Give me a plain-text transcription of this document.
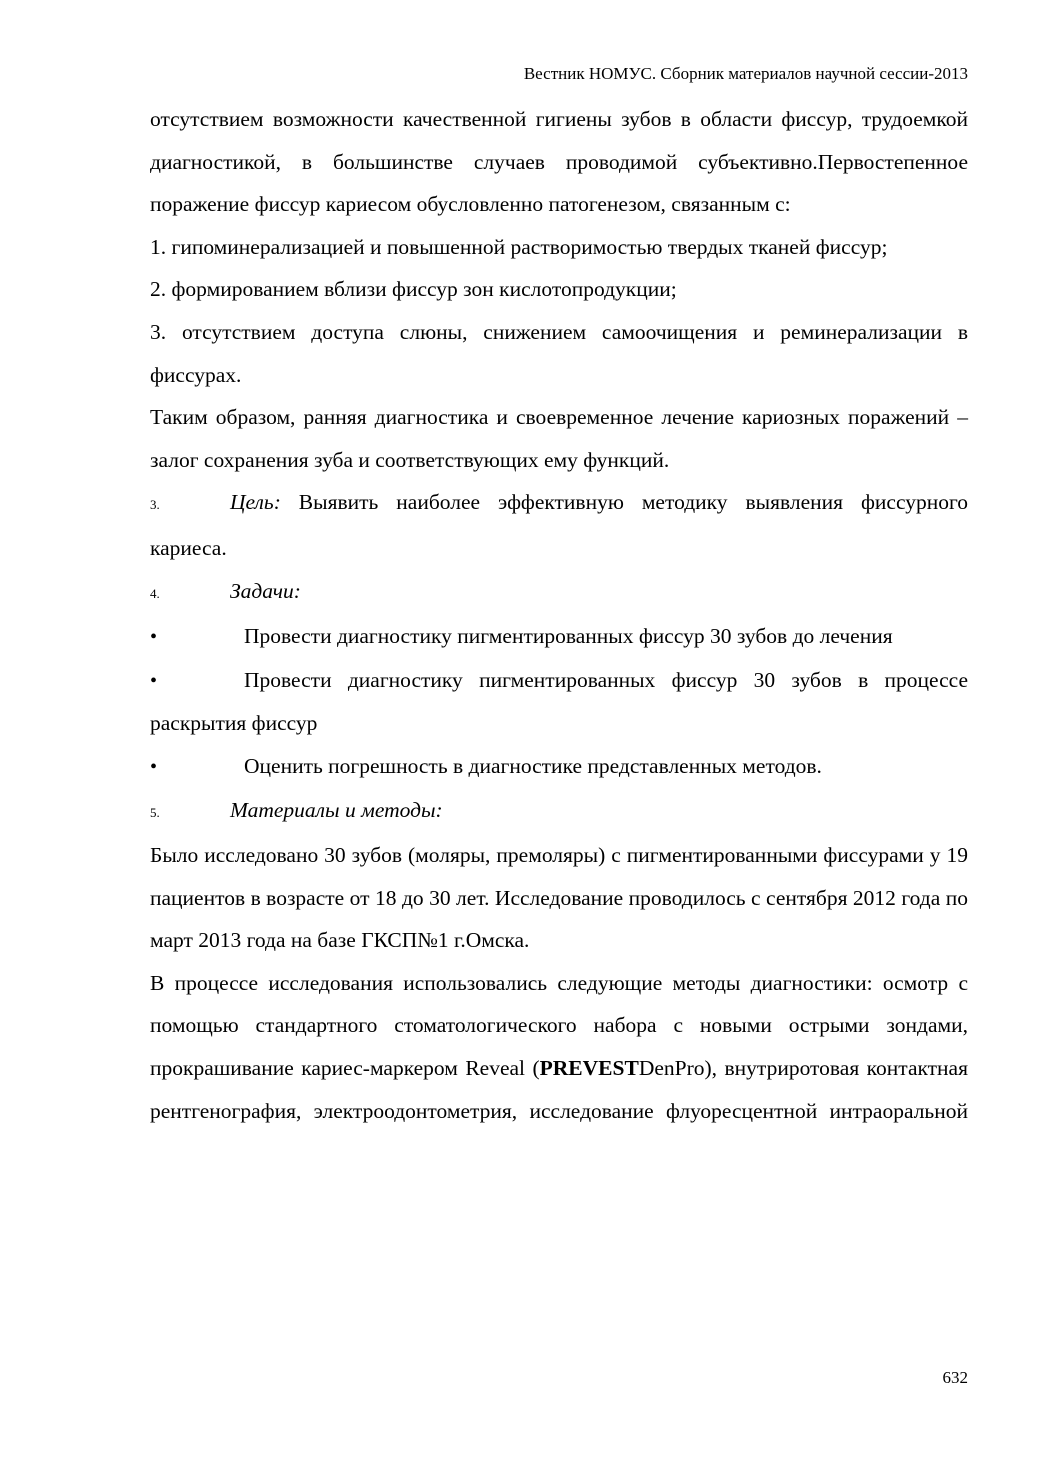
Вестник НОМУС. Сборник материалов научной сессии-2013
отсутствием возможности качественной гигиены зубов в области фиссур, трудоемкой диагностикой, в большинстве случаев проводимой субъективно.Первостепенное поражение фиссур кариесом обусловленно патогенезом, связанным с:
1. гипоминерализацией и повышенной растворимостью твердых тканей фиссур;
2. формированием вблизи фиссур зон кислотопродукции;
3. отсутствием доступа слюны, снижением самоочищения и реминерализации в фиссурах.
Таким образом, ранняя диагностика и своевременное лечение кариозных поражений – залог сохранения зуба и соответствующих ему функций.
3.	Цель: Выявить наиболее эффективную методику выявления фиссурного кариеса.
4.	Задачи:
•	Провести диагностику пигментированных фиссур 30 зубов до лечения
•	Провести диагностику пигментированных фиссур 30 зубов в процессе раскрытия фиссур
•	Оценить погрешность в диагностике представленных методов.
5.	Материалы и методы:
Было исследовано 30 зубов (моляры, премоляры) с пигментированными фиссурами у 19 пациентов в возрасте от 18 до 30 лет. Исследование проводилось с сентября 2012 года по март 2013 года на базе ГКСП№1 г.Омска.
В процессе исследования использовались следующие методы диагностики: осмотр с помощью стандартного стоматологического набора с новыми острыми зондами, прокрашивание кариес-маркером Reveal (PREVESTDenPro), внутриротовая контактная рентгенография, электроодонтометрия, исследование флуоресцентной интраоральной
632
